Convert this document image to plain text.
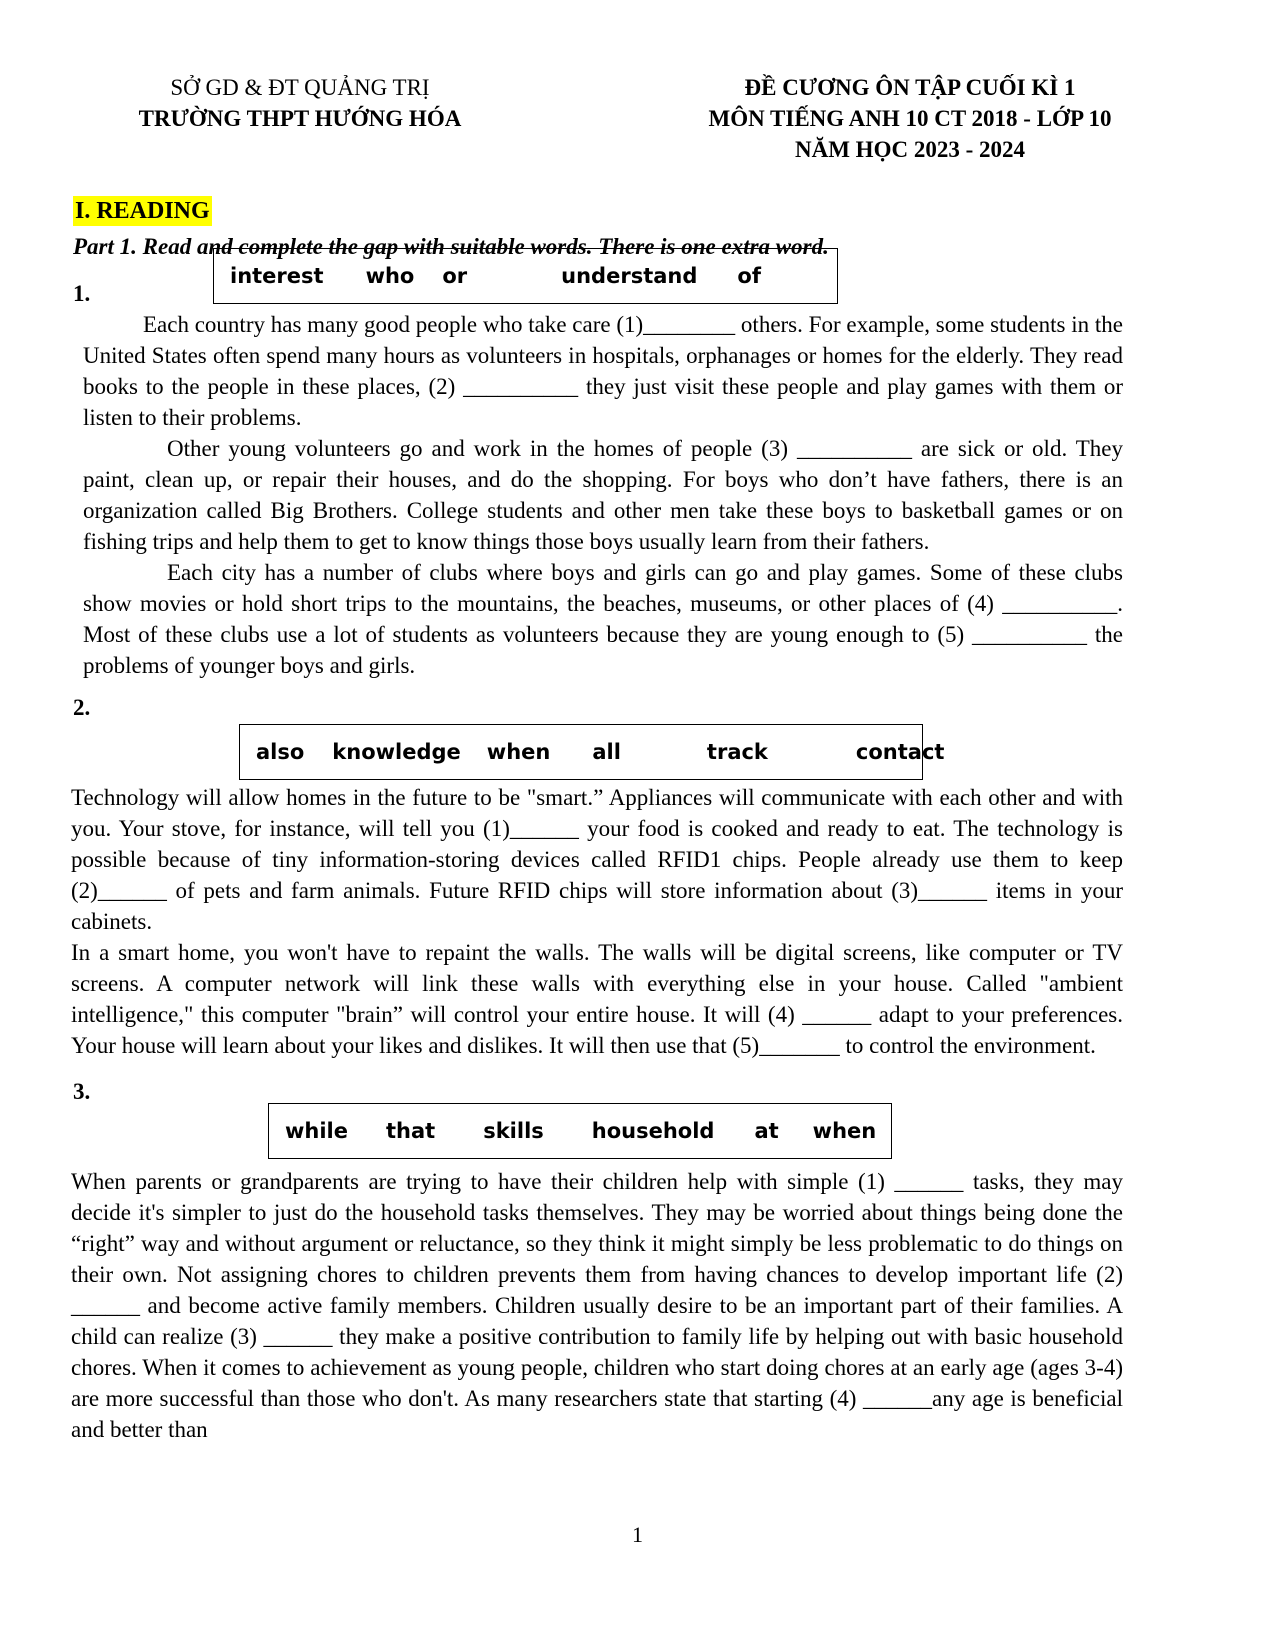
SỞ GD & ĐT QUẢNG TRỊ
TRƯỜNG THPT HƯỚNG HÓA
ĐỀ CƯƠNG ÔN TẬP CUỐI KÌ 1
MÔN TIẾNG ANH 10 CT 2018 - LỚP 10
NĂM HỌC 2023 - 2024
I. READING
Part 1. Read and complete the gap with suitable words. There is one extra word.
1.
interest who or	understand of
Each country has many good people who take care (1)________ others. For example, some students in the United States often spend many hours as volunteers in hospitals, orphanages or homes for the elderly. They read books to the people in these places, (2) __________ they just visit these people and play games with them or listen to their problems.
Other young volunteers go and work in the homes of people (3) __________ are sick or old. They paint, clean up, or repair their houses, and do the shopping. For boys who don’t have fathers, there is an organization called Big Brothers. College students and other men take these boys to basketball games or on fishing trips and help them to get to know things those boys usually learn from their fathers.
Each city has a number of clubs where boys and girls can go and play games. Some of these clubs show movies or hold short trips to the mountains, the beaches, museums, or other places of (4) __________. Most of these clubs use a lot of students as volunteers because they are young enough to (5) __________ the problems of younger boys and girls.
2.
also knowledge when all	track	contact
Technology will allow homes in the future to be "smart.” Appliances will communicate with each other and with you. Your stove, for instance, will tell you (1)______ your food is cooked and ready to eat. The technology is possible because of tiny information-storing devices called RFID1 chips. People already use them to keep (2)______ of pets and farm animals. Future RFID chips will store information about (3)______ items in your cabinets.
In a smart home, you won't have to repaint the walls. The walls will be digital screens, like computer or TV screens. A computer network will link these walls with everything else in your house. Called "ambient intelligence," this computer "brain” will control your entire house. It will (4) ______ adapt to your preferences. Your house will learn about your likes and dislikes. It will then use that (5)_______ to control the environment.
3.
while that skills household at when
When parents or grandparents are trying to have their children help with simple (1) ______ tasks, they may decide it's simpler to just do the household tasks themselves. They may be worried about things being done the “right” way and without argument or reluctance, so they think it might simply be less problematic to do things on their own. Not assigning chores to children prevents them from having chances to develop important life (2) ______ and become active family members. Children usually desire to be an important part of their families. A child can realize (3) ______ they make a positive contribution to family life by helping out with basic household chores. When it comes to achievement as young people, children who start doing chores at an early age (ages 3-4) are more successful than those who don't. As many researchers state that starting (4) ______any age is beneficial and better than
1
